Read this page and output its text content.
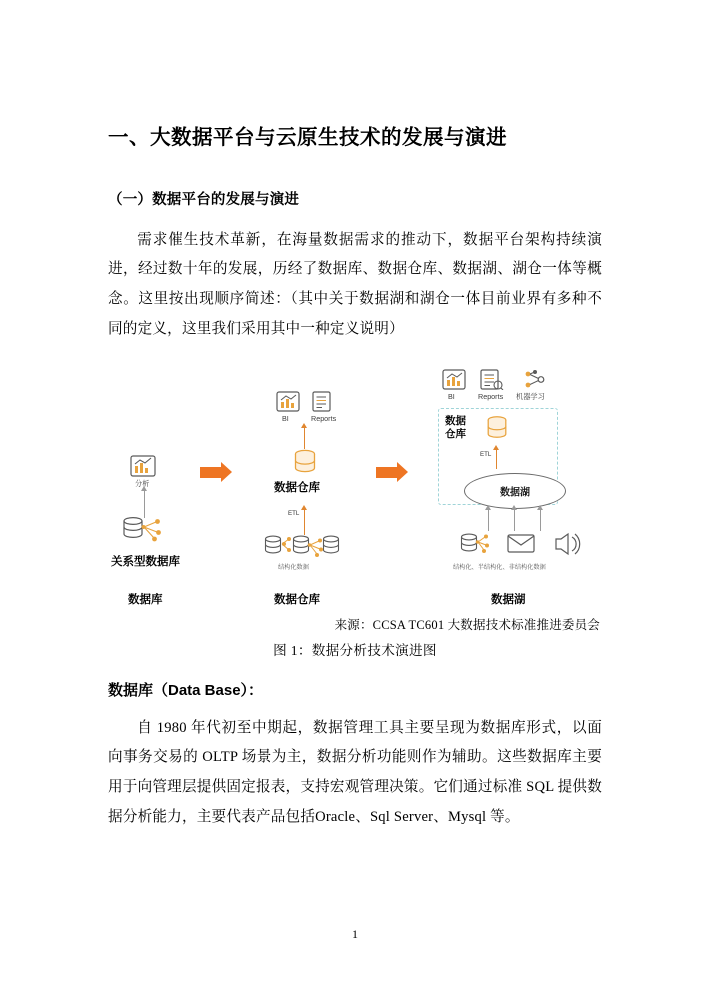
一、大数据平台与云原生技术的发展与演进
（一）数据平台的发展与演进

需求催生技术革新，在海量数据需求的推动下，数据平台架构持续演进，经过数十年的发展，历经了数据库、数据仓库、数据湖、湖仓一体等概念。这里按出现顺序简述：（其中关于数据湖和湖仓一体目前业界有多种不同的定义，这里我们采用其中一种定义说明）

分析
关系型数据库
数据库
BI	Reports
数据仓库
ETL
结构化数据
数据仓库
BI	Reports 机器学习
数据
仓库
ETL
数据湖
结构化、半结构化、非结构化数据
数据湖
来源：CCSA TC601 大数据技术标准推进委员会
图 1：数据分析技术演进图
数据库（Data Base）：

自 1980 年代初至中期起，数据管理工具主要呈现为数据库形式，以面向事务交易的 OLTP 场景为主，数据分析功能则作为辅助。这些数据库主要用于向管理层提供固定报表，支持宏观管理决策。它们通过标准 SQL 提供数据分析能力，主要代表产品包括Oracle、Sql Server、Mysql 等。

1
